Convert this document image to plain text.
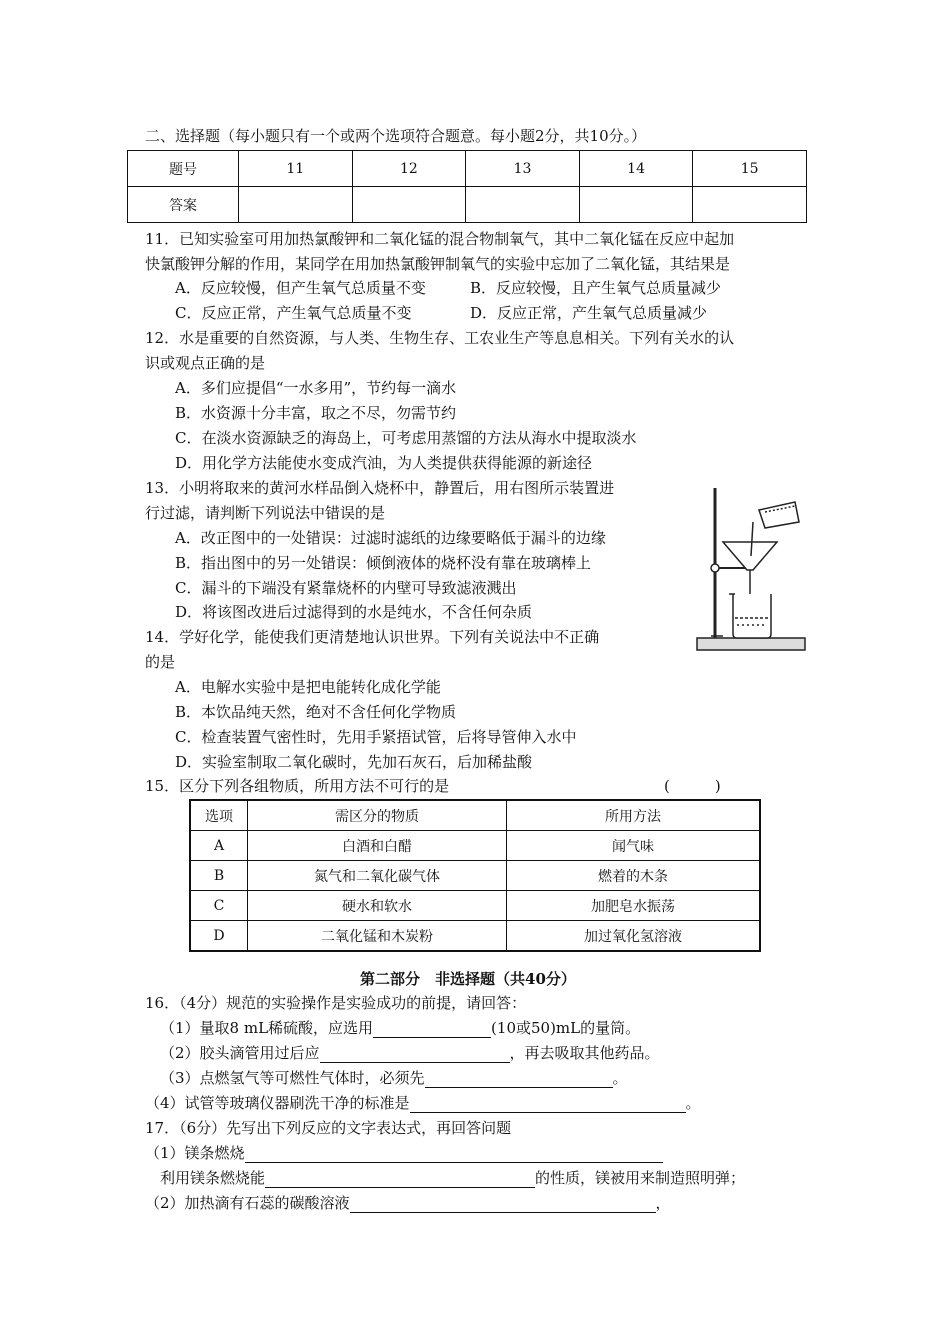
二、选择题（每小题只有一个或两个选项符合题意。每小题2分，共10分。）
题号	11	12	13	14	15
答案					
11．已知实验室可用加热氯酸钾和二氧化锰的混合物制氧气，其中二氧化锰在反应中起加
快氯酸钾分解的作用，某同学在用加热氯酸钾制氧气的实验中忘加了二氧化锰，其结果是
A．反应较慢，但产生氧气总质量不变	B．反应较慢，且产生氧气总质量减少
C．反应正常，产生氧气总质量不变	D．反应正常，产生氧气总质量减少
12．水是重要的自然资源，与人类、生物生存、工农业生产等息息相关。下列有关水的认
识或观点正确的是
A．多们应提倡“一水多用”，节约每一滴水
B．水资源十分丰富，取之不尽，勿需节约
C．在淡水资源缺乏的海岛上，可考虑用蒸馏的方法从海水中提取淡水
D．用化学方法能使水变成汽油，为人类提供获得能源的新途径
13．小明将取来的黄河水样品倒入烧杯中，静置后，用右图所示装置进
行过滤，请判断下列说法中错误的是
A．改正图中的一处错误：过滤时滤纸的边缘要略低于漏斗的边缘
B．指出图中的另一处错误：倾倒液体的烧杯没有靠在玻璃棒上
C．漏斗的下端没有紧靠烧杯的内壁可导致滤液溅出
D．将该图改进后过滤得到的水是纯水，不含任何杂质
14．学好化学，能使我们更清楚地认识世界。下列有关说法中不正确
的是
A．电解水实验中是把电能转化成化学能
B．本饮品纯天然，绝对不含任何化学物质
C．检查装置气密性时，先用手紧捂试管，后将导管伸入水中
D．实验室制取二氧化碳时，先加石灰石，后加稀盐酸
15．区分下列各组物质，所用方法不可行的是	(　　　)
选项	需区分的物质	所用方法
A	白酒和白醋	闻气味
B	氮气和二氧化碳气体	燃着的木条
C	硬水和软水	加肥皂水振荡
D	二氧化锰和木炭粉	加过氧化氢溶液
第二部分　非选择题（共40分）
16．（4分）规范的实验操作是实验成功的前提，请回答：
（1）量取8 mL稀硫酸，应选用	(10或50)mL的量筒。
（2）胶头滴管用过后应	，再去吸取其他药品。
（3）点燃氢气等可燃性气体时，必须先	。
（4）试管等玻璃仪器刷洗干净的标准是	。
17．（6分）先写出下列反应的文字表达式，再回答问题
（1）镁条燃烧
利用镁条燃烧能	的性质，镁被用来制造照明弹；
（2）加热滴有石蕊的碳酸溶液	，
